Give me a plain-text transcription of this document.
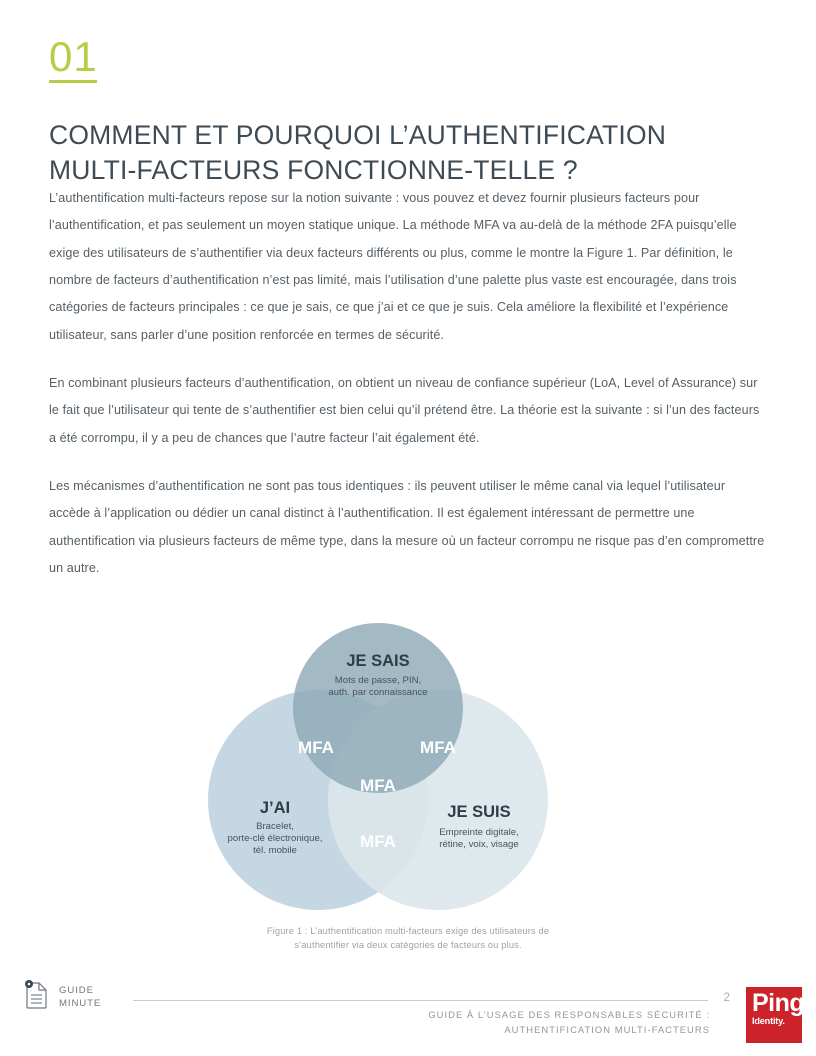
01
COMMENT ET POURQUOI L’AUTHENTIFICATION MULTI-FACTEURS FONCTIONNE-TELLE ?

L’authentification multi-facteurs repose sur la notion suivante : vous pouvez et devez fournir plusieurs facteurs pour l’authentification, et pas seulement un moyen statique unique. La méthode MFA va au-delà de la méthode 2FA puisqu’elle exige des utilisateurs de s’authentifier via deux facteurs différents ou plus, comme le montre la Figure 1. Par définition, le nombre de facteurs d’authentification n’est pas limité, mais l’utilisation d’une palette plus vaste est encouragée, dans trois catégories de facteurs principales : ce que je sais, ce que j’ai et ce que je suis. Cela améliore la flexibilité et l’expérience utilisateur, sans parler d’une position renforcée en termes de sécurité.

En combinant plusieurs facteurs d’authentification, on obtient un niveau de confiance supérieur (LoA, Level of Assurance) sur le fait que l’utilisateur qui tente de s’authentifier est bien celui qu’il prétend être. La théorie est la suivante : si l’un des facteurs a été corrompu, il y a peu de chances que l’autre facteur l’ait également été.

Les mécanismes d’authentification ne sont pas tous identiques : ils peuvent utiliser le même canal via lequel l’utilisateur accède à l’application ou dédier un canal distinct à l’authentification. Il est également intéressant de permettre une authentification via plusieurs facteurs de même type, dans la mesure où un facteur corrompu ne risque pas d’en compromettre un autre.

JE SAIS
Mots de passe, PIN,
auth. par connaissance
J’AI
Bracelet,
porte-clé électronique,
tél. mobile
JE SUIS
Empreinte digitale,
rétine, voix, visage
MFA	MFA
MFA
MFA
Figure 1 : L’authentification multi-facteurs exige des utilisateurs de
s’authentifier via deux catégories de facteurs ou plus.
GUIDE
MINUTE	2
GUIDE À L’USAGE DES RESPONSABLES SÉCURITÉ :
AUTHENTIFICATION MULTI-FACTEURS
Ping
Identity.
